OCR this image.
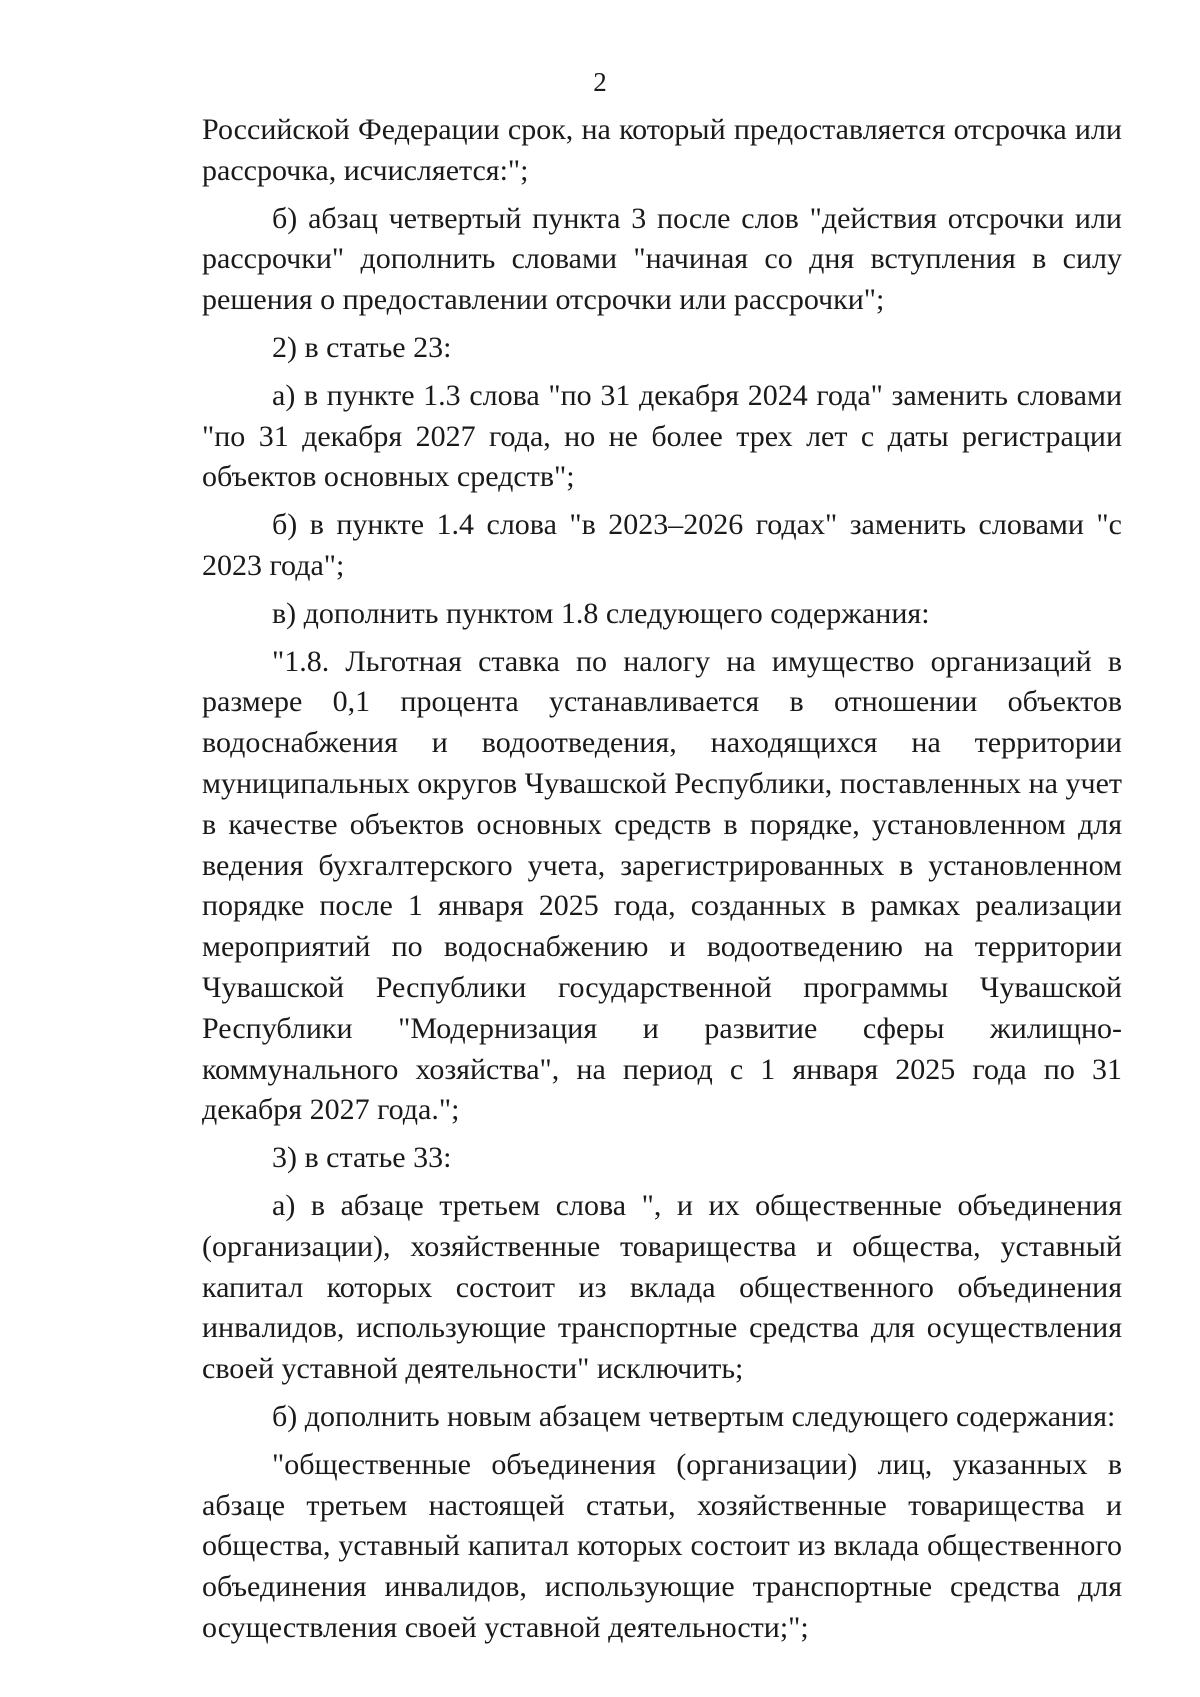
2

Российской Федерации срок, на который предоставляется отсрочка или рассрочка, исчисляется:";

б) абзац четвертый пункта 3 после слов "действия отсрочки или рассрочки" дополнить словами "начиная со дня вступления в силу решения о предоставлении отсрочки или рассрочки";

2) в статье 23:

а) в пункте 1.3 слова "по 31 декабря 2024 года" заменить словами "по 31 декабря 2027 года, но не более трех лет с даты регистрации объектов основных средств";

б) в пункте 1.4 слова "в 2023–2026 годах" заменить словами "с 2023 года";

в) дополнить пунктом 1.8 следующего содержания:

"1.8. Льготная ставка по налогу на имущество организаций в размере 0,1 процента устанавливается в отношении объектов водоснабжения и водоотведения, находящихся на территории муниципальных округов Чувашской Республики, поставленных на учет в качестве объектов основных средств в порядке, установленном для ведения бухгалтерского учета, зарегистрированных в установленном порядке после 1 января 2025 года, созданных в рамках реализации мероприятий по водоснабжению и водоотведению на территории Чувашской Республики государственной программы Чувашской Республики "Модернизация и развитие сферы жилищно-коммунального хозяйства", на период с 1 января 2025 года по 31 декабря 2027 года.";

3) в статье 33:

а) в абзаце третьем слова ", и их общественные объединения (организации), хозяйственные товарищества и общества, уставный капитал которых состоит из вклада общественного объединения инвалидов, использующие транспортные средства для осуществления своей уставной деятельности" исключить;

б) дополнить новым абзацем четвертым следующего содержания:

"общественные объединения (организации) лиц, указанных в абзаце третьем настоящей статьи, хозяйственные товарищества и общества, уставный капитал которых состоит из вклада общественного объединения инвалидов, использующие транспортные средства для осуществления своей уставной деятельности;";
